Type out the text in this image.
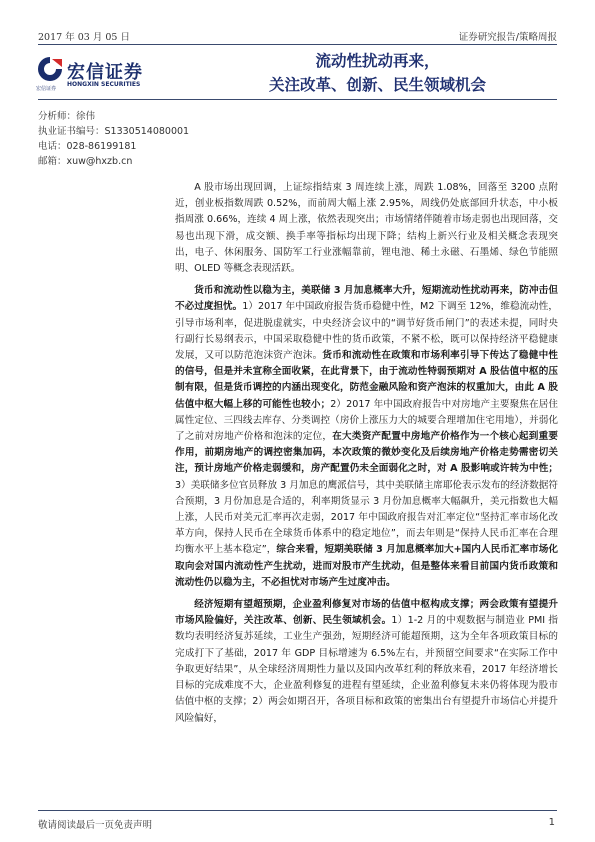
2017 年 03 月 05 日	证券研究报告/策略周报
宏信证券
HONGXIN SECURITIES
宏信证券
流动性扰动再来，
关注改革、创新、民生领域机会
分析师：徐伟
执业证书编号：S1330514080001
电话：028-86199181
邮箱：xuw@hxzb.cn

A 股市场出现回调，上证综指结束 3 周连续上涨，周跌 1.08%，回落至 3200 点附近，创业板指数周跌 0.52%，而前周大幅上涨 2.95%，周线仍处底部回升状态，中小板指周涨 0.66%，连续 4 周上涨，依然表现突出；市场情绪伴随着市场走弱也出现回落，交易也出现下滑，成交额、换手率等指标均出现下降；结构上新兴行业及相关概念表现突出，电子、休闲服务、国防军工行业涨幅靠前，锂电池、稀土永磁、石墨烯、绿色节能照明、OLED 等概念表现活跃。

货币和流动性以稳为主，美联储 3 月加息概率大升，短期流动性扰动再来，防冲击但不必过度担忧。1）2017 年中国政府报告货币稳健中性，M2 下调至 12%，维稳流动性，引导市场利率，促进脱虚就实，中央经济会议中的“调节好货币闸门”的表述未提，同时央行副行长易纲表示，中国采取稳健中性的货币政策，不紧不松，既可以保持经济平稳健康发展，又可以防范泡沫资产泡沫。货币和流动性在政策和市场利率引导下传达了稳健中性的信号，但是并未宣称全面收紧，在此背景下，由于流动性特弱预期对 A 股估值中枢的压制有限，但是货币调控的内涵出现变化，防范金融风险和资产泡沫的权重加大，由此 A 股估值中枢大幅上移的可能性也较小；2）2017 年中国政府报告中对房地产主要聚焦在居住属性定位、三四线去库存、分类调控（房价上涨压力大的城要合理增加住宅用地），并弱化了之前对房地产价格和泡沫的定位，在大类资产配置中房地产价格作为一个核心起到重要作用，前期房地产的调控密集加码，本次政策的微妙变化及后续房地产价格走势需密切关注，预计房地产价格走弱缓和，房产配置仍未全面弱化之时，对 A 股影响或许转为中性；3）美联储多位官员释放 3 月加息的鹰派信号，其中美联储主席耶伦表示发布的经济数据符合预期，3 月份加息是合适的，利率期货显示 3 月份加息概率大幅飙升，美元指数也大幅上涨，人民币对美元汇率再次走弱，2017 年中国政府报告对汇率定位“坚持汇率市场化改革方向，保持人民币在全球货币体系中的稳定地位”，而去年则是“保持人民币汇率在合理均衡水平上基本稳定”，综合来看，短期美联储 3 月加息概率加大+国内人民币汇率市场化取向会对国内流动性产生扰动，进而对股市产生扰动，但是整体来看目前国内货币政策和流动性仍以稳为主，不必担忧对市场产生过度冲击。

经济短期有望超预期，企业盈利修复对市场的估值中枢构成支撑；两会政策有望提升市场风险偏好，关注改革、创新、民生领域机会。1）1-2 月的中观数据与制造业 PMI 指数均表明经济复苏延续，工业生产强劲，短期经济可能超预期，这为全年各项政策目标的完成打下了基础，2017 年 GDP 目标增速为 6.5%左右，并预留空间要求“在实际工作中争取更好结果”，从全球经济周期性力量以及国内改革红利的释放来看，2017 年经济增长目标的完成难度不大，企业盈利修复的进程有望延续，企业盈利修复未来仍将体现为股市估值中枢的支撑；2）两会如期召开，各项目标和政策的密集出台有望提升市场信心并提升风险偏好，

敬请阅读最后一页免责声明	1
